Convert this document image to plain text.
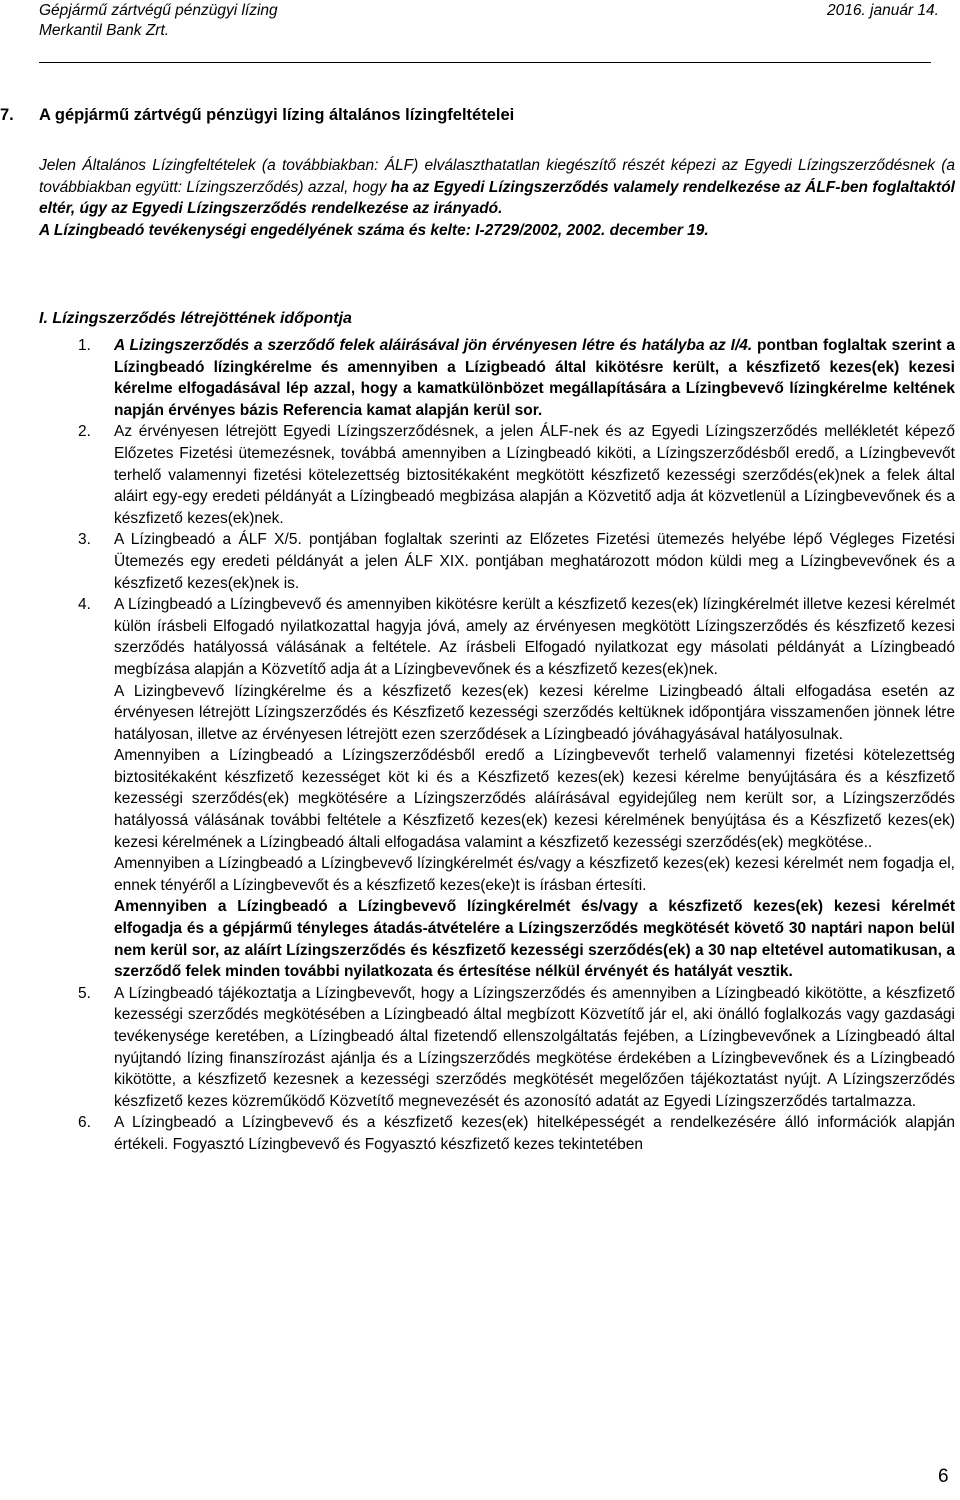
Gépjármű zártvégű pénzügyi lízing	2016. január 14.
Merkantil Bank Zrt.
7. A gépjármű zártvégű pénzügyi lízing általános lízingfeltételei
Jelen Általános Lízingfeltételek (a továbbiakban: ÁLF) elválaszthatatlan kiegészítő részét képezi az Egyedi Lízingszerződésnek (a továbbiakban együtt: Lízingszerződés) azzal, hogy ha az Egyedi Lízingszerződés valamely rendelkezése az ÁLF-ben foglaltaktól eltér, úgy az Egyedi Lízingszerződés rendelkezése az irányadó.
A Lízingbeadó tevékenységi engedélyének száma és kelte: I-2729/2002, 2002. december 19.
I. Lízingszerződés létrejöttének időpontja
1. A Lizingszerződés a szerződő felek aláirásával jön érvényesen létre és hatályba az I/4. pontban foglaltak szerint a Lízingbeadó lízingkérelme és amennyiben a Lízigbeadó által kikötésre került, a készfizető kezes(ek) kezesi kérelme elfogadásával lép azzal, hogy a kamatkülönbözet megállapítására a Lízingbevevő lízingkérelme keltének napján érvényes bázis Referencia kamat alapján kerül sor.

2. Az érvényesen létrejött Egyedi Lízingszerződésnek, a jelen ÁLF-nek és az Egyedi Lízingszerződés mellékletét képező Előzetes Fizetési ütemezésnek, továbbá amennyiben a Lízingbeadó kiköti, a Lízingszerződésből eredő, a Lízingbevevőt terhelő valamennyi fizetési kötelezettség biztositékaként megkötött készfizető kezességi szerződés(ek)nek a felek által aláirt egy-egy eredeti példányát a Lízingbeadó megbizása alapján a Közvetitő adja át közvetlenül a Lízingbevevőnek és a készfizető kezes(ek)nek.

3. A Lízingbeadó a ÁLF X/5. pontjában foglaltak szerinti az Előzetes Fizetési ütemezés helyébe lépő Végleges Fizetési Ütemezés egy eredeti példányát a jelen ÁLF XIX. pontjában meghatározott módon küldi meg a Lízingbevevőnek és a készfizető kezes(ek)nek is.

4. A Lízingbeadó a Lízingbevevő és amennyiben kikötésre került a készfizető kezes(ek) lízingkérelmét illetve kezesi kérelmét külön írásbeli Elfogadó nyilatkozattal hagyja jóvá, amely az érvényesen megkötött Lízingszerződés és készfizető kezesi szerződés hatályossá válásának a feltétele. Az írásbeli Elfogadó nyilatkozat egy másolati példányát a Lízingbeadó megbízása alapján a Közvetítő adja át a Lízingbevevőnek és a készfizető kezes(ek)nek.

A Lizingbevevő lízingkérelme és a készfizető kezes(ek) kezesi kérelme Lizingbeadó általi elfogadása esetén az érvényesen létrejött Lízingszerződés és Készfizető kezességi szerződés keltüknek időpontjára visszamenően jönnek létre hatályosan, illetve az érvényesen létrejött ezen szerződések a Lízingbeadó jóváhagyásával hatályosulnak.

Amennyiben a Lízingbeadó a Lízingszerződésből eredő a Lízingbevevőt terhelő valamennyi fizetési kötelezettség biztositékaként készfizető kezességet köt ki és a Készfizető kezes(ek) kezesi kérelme benyújtására és a készfizető kezességi szerződés(ek) megkötésére a Lízingszerződés aláírásával egyidejűleg nem került sor, a Lízingszerződés hatályossá válásának további feltétele a Készfizető kezes(ek) kezesi kérelmének benyújtása és a Készfizető kezes(ek) kezesi kérelmének a Lízingbeadó általi elfogadása valamint a készfizető kezességi szerződés(ek) megkötése..

Amennyiben a Lízingbeadó a Lízingbevevő lízingkérelmét és/vagy a készfizető kezes(ek) kezesi kérelmét nem fogadja el, ennek tényéről a Lízingbevevőt és a készfizető kezes(eke)t is írásban értesíti.

Amennyiben a Lízingbeadó a Lízingbevevő lízingkérelmét és/vagy a készfizető kezes(ek) kezesi kérelmét elfogadja és a gépjármű tényleges átadás-átvételére a Lízingszerződés megkötését követő 30 naptári napon belül nem kerül sor, az aláírt Lízingszerződés és készfizető kezességi szerződés(ek) a 30 nap eltetével automatikusan, a szerződő felek minden további nyilatkozata és értesítése nélkül érvényét és hatályát vesztik.

5. A Lízingbeadó tájékoztatja a Lízingbevevőt, hogy a Lízingszerződés és amennyiben a Lízingbeadó kikötötte, a készfizető kezességi szerződés megkötésében a Lízingbeadó által megbízott Közvetítő jár el, aki önálló foglalkozás vagy gazdasági tevékenysége keretében, a Lízingbeadó által fizetendő ellenszolgáltatás fejében, a Lízingbevevőnek a Lízingbeadó által nyújtandó lízing finanszírozást ajánlja és a Lízingszerződés megkötése érdekében a Lízingbevevőnek és a Lízingbeadó kikötötte, a készfizető kezesnek a kezességi szerződés megkötését megelőzően tájékoztatást nyújt. A Lízingszerződés készfizető kezes közreműködő Közvetítő megnevezését és azonosító adatát az Egyedi Lízingszerződés tartalmazza.

6. A Lízingbeadó a Lízingbevevő és a készfizető kezes(ek) hitelképességét a rendelkezésére álló információk alapján értékeli. Fogyasztó Lízingbevevő és Fogyasztó készfizető kezes tekintetében

6
